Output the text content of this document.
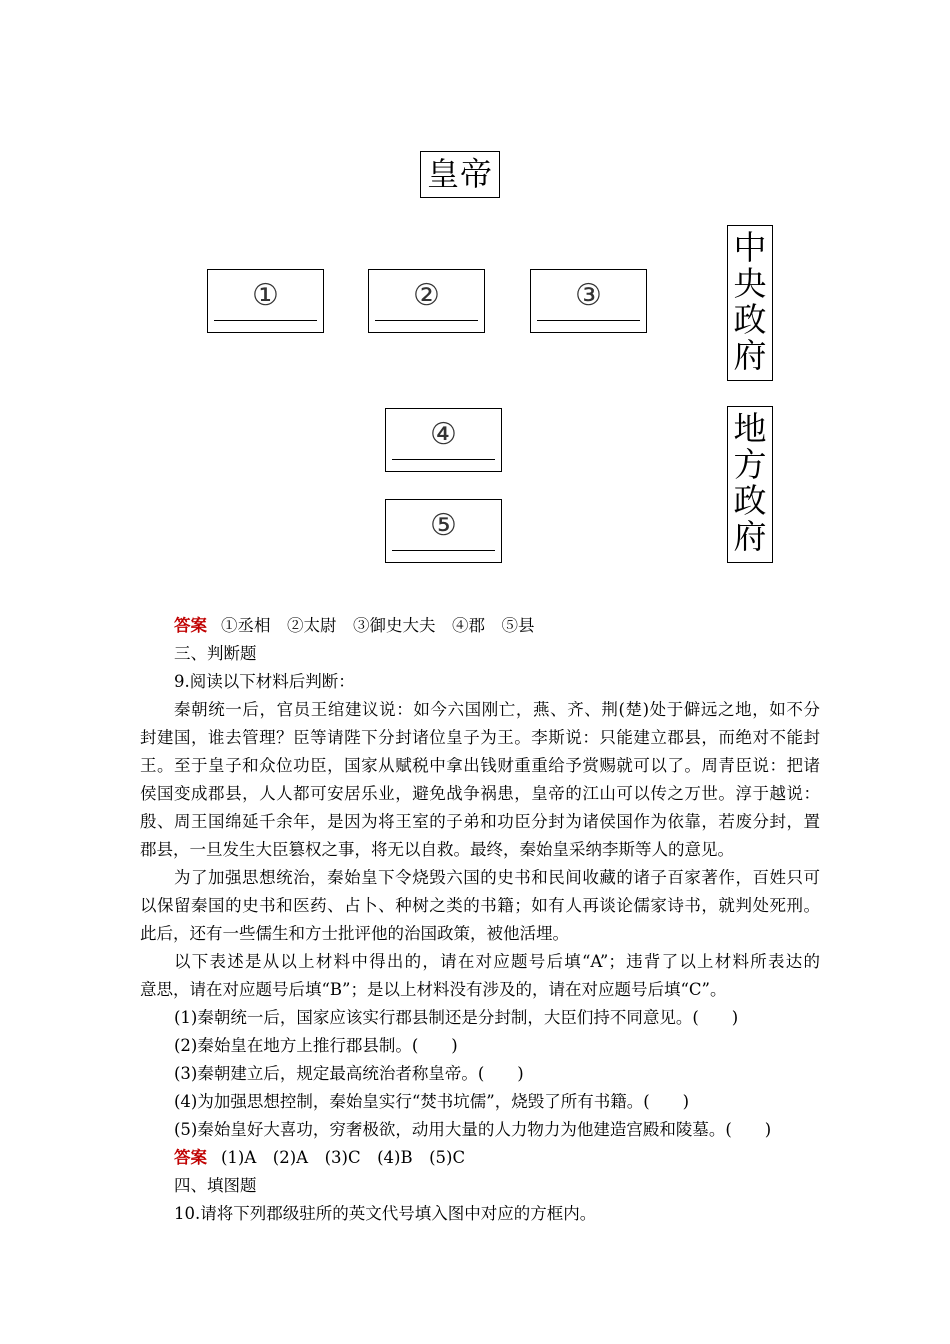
皇帝
①	②	③
④
⑤
中
央
政
府
地
方
政
府
答案 ①丞相　②太尉　③御史大夫　④郡　⑤县
三、判断题
9.阅读以下材料后判断：
秦朝统一后，官员王绾建议说：如今六国刚亡，燕、齐、荆(楚)处于僻远之地，如不分
封建国，谁去管理？臣等请陛下分封诸位皇子为王。李斯说：只能建立郡县，而绝对不能封
王。至于皇子和众位功臣，国家从赋税中拿出钱财重重给予赏赐就可以了。周青臣说：把诸
侯国变成郡县，人人都可安居乐业，避免战争祸患，皇帝的江山可以传之万世。淳于越说：
殷、周王国绵延千余年，是因为将王室的子弟和功臣分封为诸侯国作为依靠，若废分封，置
郡县，一旦发生大臣篡权之事，将无以自救。最终，秦始皇采纳李斯等人的意见。
为了加强思想统治，秦始皇下令烧毁六国的史书和民间收藏的诸子百家著作，百姓只可
以保留秦国的史书和医药、占卜、种树之类的书籍；如有人再谈论儒家诗书，就判处死刑。
此后，还有一些儒生和方士批评他的治国政策，被他活埋。
以下表述是从以上材料中得出的，请在对应题号后填“A”；违背了以上材料所表达的
意思，请在对应题号后填“B”；是以上材料没有涉及的，请在对应题号后填“C”。
(1)秦朝统一后，国家应该实行郡县制还是分封制，大臣们持不同意见。(　　)
(2)秦始皇在地方上推行郡县制。(　　)
(3)秦朝建立后，规定最高统治者称皇帝。(　　)
(4)为加强思想控制，秦始皇实行“焚书坑儒”，烧毁了所有书籍。(　　)
(5)秦始皇好大喜功，穷奢极欲，动用大量的人力物力为他建造宫殿和陵墓。(　　)
答案 (1)A　(2)A　(3)C　(4)B　(5)C
四、填图题
10.请将下列郡级驻所的英文代号填入图中对应的方框内。
